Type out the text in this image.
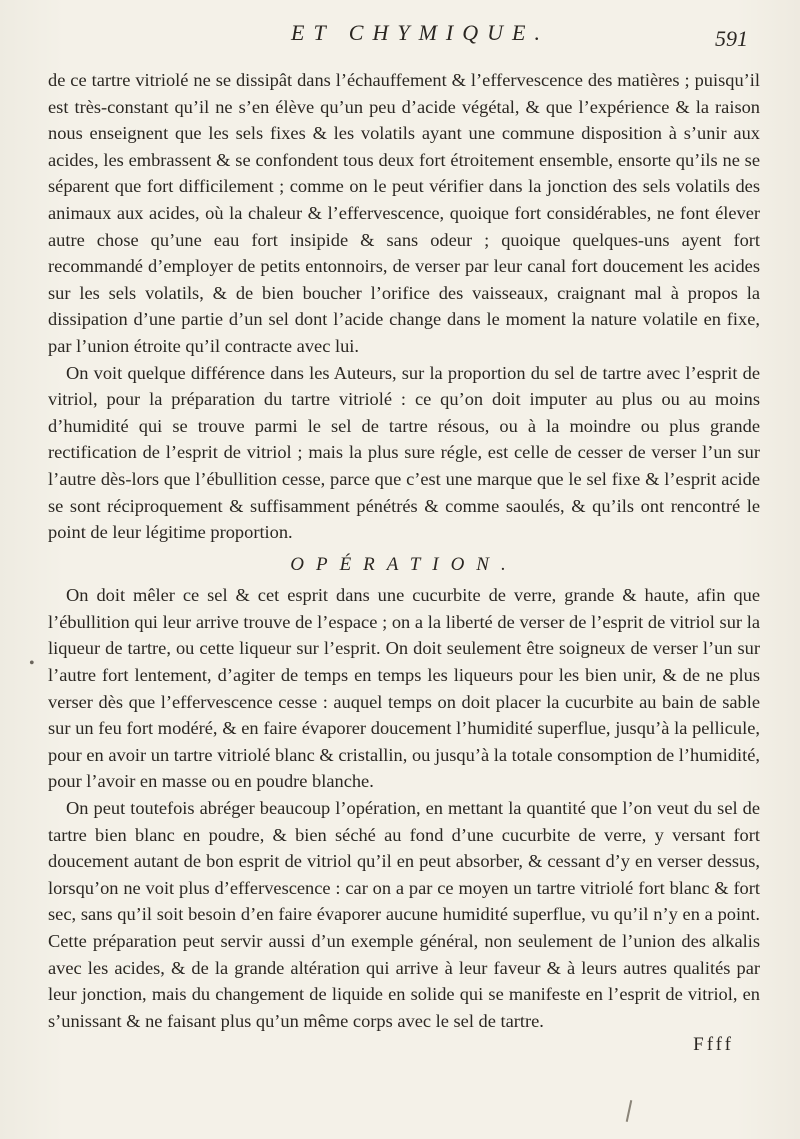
ET CHYMIQUE.	591
•

de ce tartre vitriolé ne se dissipât dans l’échauffement & l’effervescence des matières ; puisqu’il est très-constant qu’il ne s’en élève qu’un peu d’acide végétal, & que l’expérience & la raison nous enseignent que les sels fixes & les volatils ayant une commune disposition à s’unir aux acides, les embrassent & se confondent tous deux fort étroitement ensemble, ensorte qu’ils ne se séparent que fort difficilement ; comme on le peut vérifier dans la jonction des sels volatils des animaux aux acides, où la chaleur & l’effervescence, quoique fort considérables, ne font élever autre chose qu’une eau fort insipide & sans odeur ; quoique quelques-uns ayent fort recommandé d’employer de petits entonnoirs, de verser par leur canal fort doucement les acides sur les sels volatils, & de bien boucher l’orifice des vaisseaux, craignant mal à propos la dissipation d’une partie d’un sel dont l’acide change dans le moment la nature volatile en fixe, par l’union étroite qu’il contracte avec lui.

On voit quelque différence dans les Auteurs, sur la proportion du sel de tartre avec l’esprit de vitriol, pour la préparation du tartre vitriolé : ce qu’on doit imputer au plus ou au moins d’humidité qui se trouve parmi le sel de tartre résous, ou à la moindre ou plus grande rectification de l’esprit de vitriol ; mais la plus sure régle, est celle de cesser de verser l’un sur l’autre dès-lors que l’ébullition cesse, parce que c’est une marque que le sel fixe & l’esprit acide se sont réciproquement & suffisamment pénétrés & comme saoulés, & qu’ils ont rencontré le point de leur légitime proportion.

OPÉRATION.

On doit mêler ce sel & cet esprit dans une cucurbite de verre, grande & haute, afin que l’ébullition qui leur arrive trouve de l’espace ; on a la liberté de verser de l’esprit de vitriol sur la liqueur de tartre, ou cette liqueur sur l’esprit. On doit seulement être soigneux de verser l’un sur l’autre fort lentement, d’agiter de temps en temps les liqueurs pour les bien unir, & de ne plus verser dès que l’effervescence cesse : auquel temps on doit placer la cucurbite au bain de sable sur un feu fort modéré, & en faire évaporer doucement l’humidité superflue, jusqu’à la pellicule, pour en avoir un tartre vitriolé blanc & cristallin, ou jusqu’à la totale consomption de l’humidité, pour l’avoir en masse ou en poudre blanche.

On peut toutefois abréger beaucoup l’opération, en mettant la quantité que l’on veut du sel de tartre bien blanc en poudre, & bien séché au fond d’une cucurbite de verre, y versant fort doucement autant de bon esprit de vitriol qu’il en peut absorber, & cessant d’y en verser dessus, lorsqu’on ne voit plus d’effervescence : car on a par ce moyen un tartre vitriolé fort blanc & fort sec, sans qu’il soit besoin d’en faire évaporer aucune humidité superflue, vu qu’il n’y en a point. Cette préparation peut servir aussi d’un exemple général, non seulement de l’union des alkalis avec les acides, & de la grande altération qui arrive à leur faveur & à leurs autres qualités par leur jonction, mais du changement de liquide en solide qui se manifeste en l’esprit de vitriol, en s’unissant & ne faisant plus qu’un même corps avec le sel de tartre.

Ffff
